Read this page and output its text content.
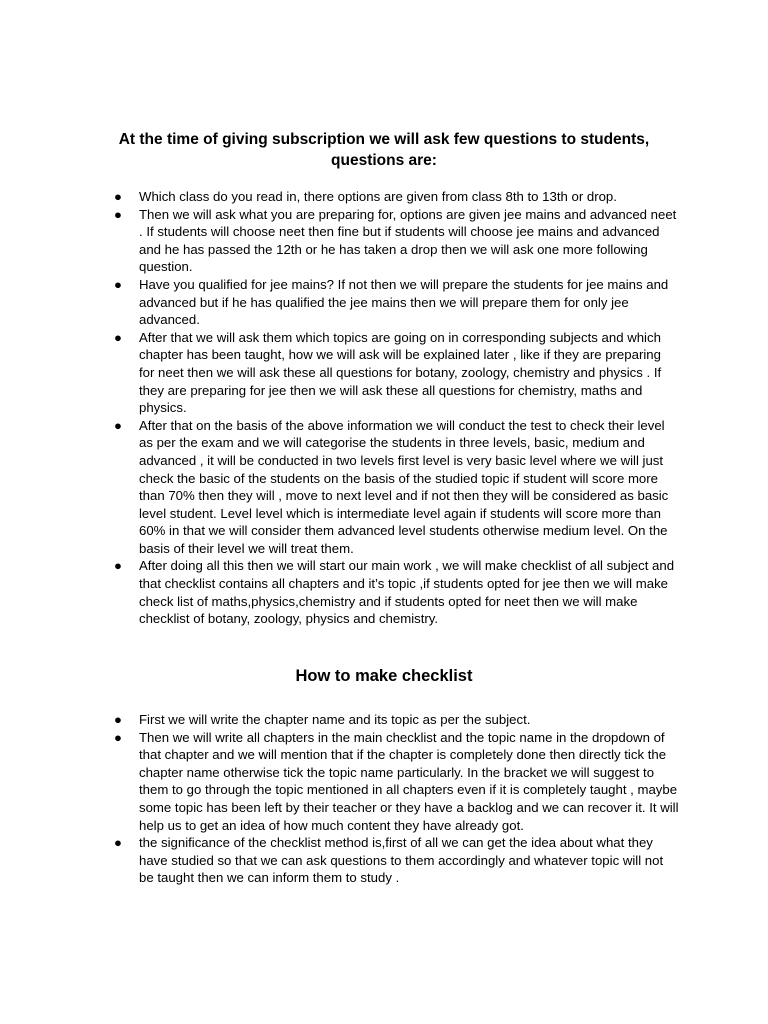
At the time of giving subscription we will ask few questions to students,
questions are:
●	Which class do you read in, there options are given from class 8th to 13th or drop.
●	Then we will ask what you are preparing for, options are given jee mains and advanced neet . If students will choose neet then fine but if students will choose jee mains and advanced and he has passed the 12th or he has taken a drop then we will ask one more following question.
●	Have you qualified for jee mains? If not then we will prepare the students for jee mains and advanced but if he has qualified the jee mains then we will prepare them for only jee advanced.
●	After that we will ask them which topics are going on in corresponding subjects and which chapter has been taught, how we will ask will be explained later , like if they are preparing for neet then we will ask these all questions for botany, zoology, chemistry and physics . If they are preparing for jee then we will ask these all questions for chemistry, maths and physics.
●	After that on the basis of the above information we will conduct the test to check their level as per the exam and we will categorise the students in three levels, basic, medium and advanced , it will be conducted in two levels first level is very basic level where we will just check the basic of the students on the basis of the studied topic if student will score more than 70% then they will , move to next level and if not then they will be considered as basic level student. Level level which is intermediate level again if students will score more than 60% in that we will consider them advanced level students otherwise medium level. On the basis of their level we will treat them.
●	After doing all this then we will start our main work , we will make checklist of all subject and that checklist contains all chapters and it’s topic ,if students opted for jee then we will make check list of maths,physics,chemistry and if students opted for neet then we will make checklist of botany, zoology, physics and chemistry.
How to make checklist
●	First we will write the chapter name and its topic as per the subject.
●	Then we will write all chapters in the main checklist and the topic name in the dropdown of that chapter and we will mention that if the chapter is completely done then directly tick the chapter name otherwise tick the topic name particularly. In the bracket we will suggest to them to go through the topic mentioned in all chapters even if it is completely taught , maybe some topic has been left by their teacher or they have a backlog and we can recover it. It will help us to get an idea of how much content they have already got.
●	the significance of the checklist method is,first of all we can get the idea about what they have studied so that we can ask questions to them accordingly and whatever topic will not be taught then we can inform them to study .
